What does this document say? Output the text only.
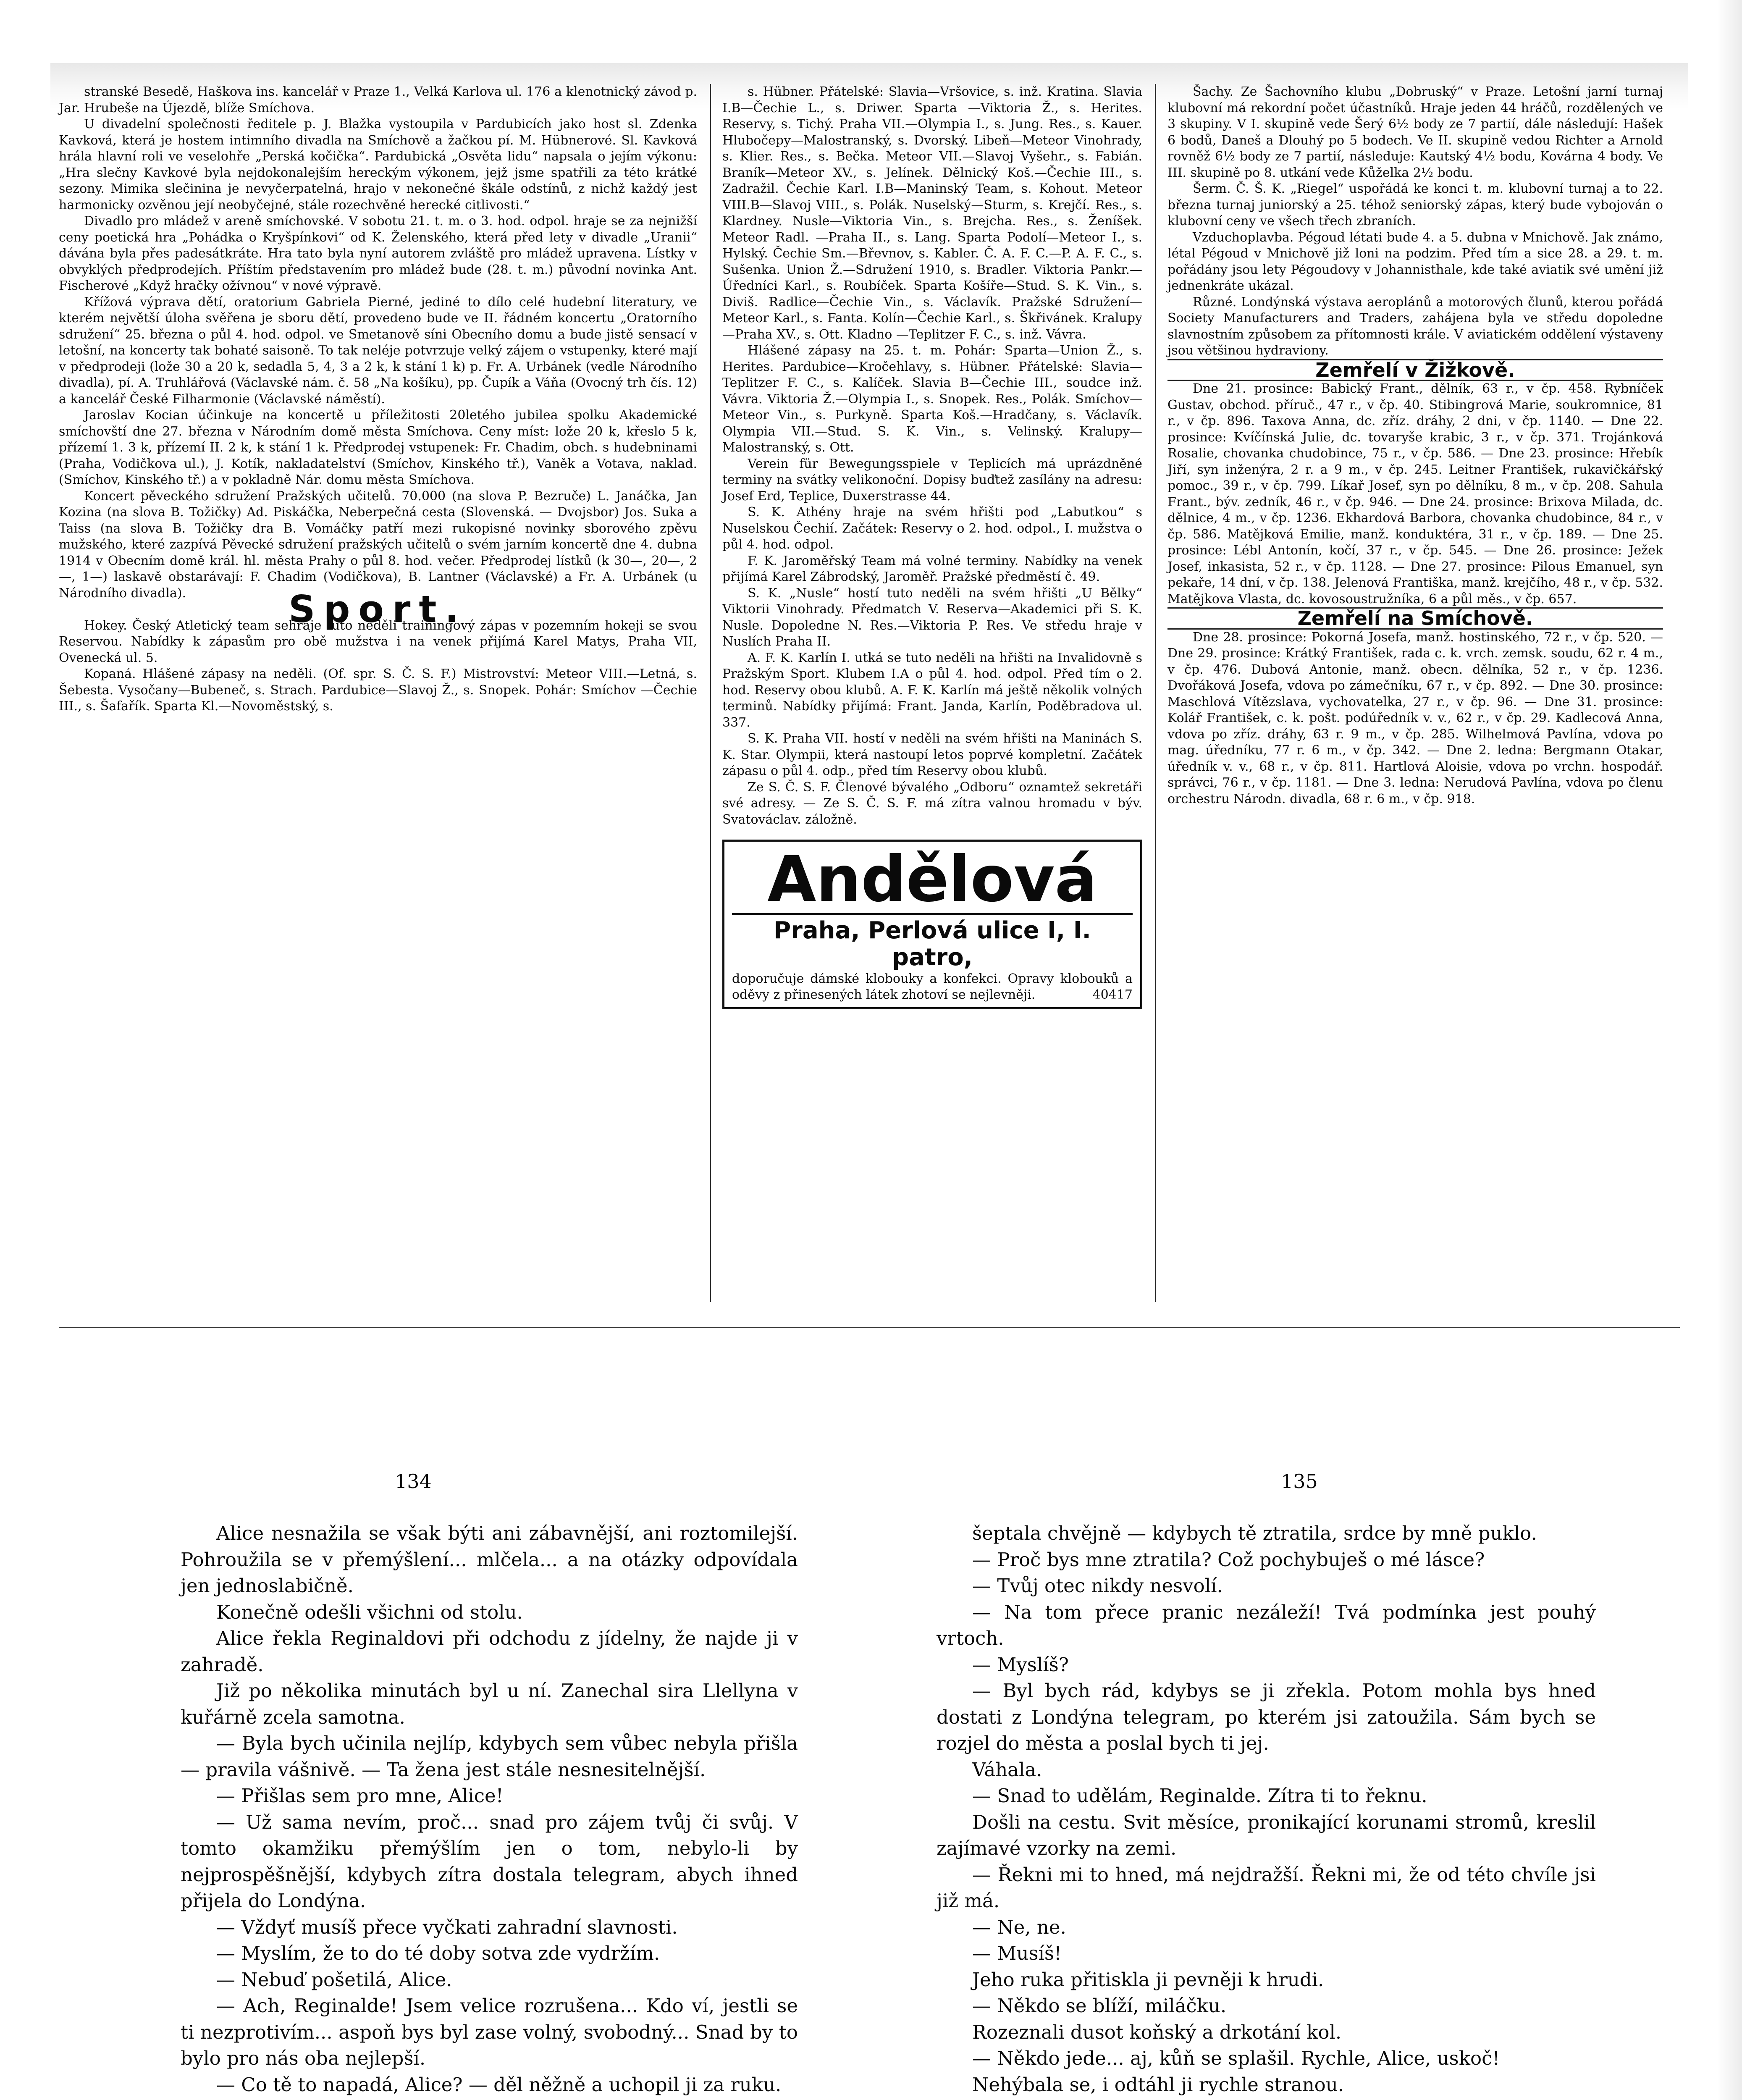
stranské Besedě, Haškova ins. kancelář v Praze 1., Velká Karlova ul. 176 a klenotnický závod p. Jar. Hrubeše na Újezdě, blíže Smíchova.

U divadelní společnosti ředitele p. J. Blažka vystoupila v Pardubicích jako host sl. Zdenka Kavková, která je hostem intimního divadla na Smíchově a žačkou pí. M. Hübnerové. Sl. Kavková hrála hlavní roli ve veselohře „Perská kočička“. Pardubická „Osvěta lidu“ napsala o jejím výkonu: „Hra slečny Kavkové byla nejdokonalejším hereckým výkonem, jejž jsme spatřili za této krátké sezony. Mimika slečinina je nevyčerpatelná, hrajo v nekonečné škále odstínů, z nichž každý jest harmonicky ozvěnou její neobyčejné, stále rozechvěné herecké citlivosti.“

Divadlo pro mládež v areně smíchovské. V sobotu 21. t. m. o 3. hod. odpol. hraje se za nejnižší ceny poetická hra „Pohádka o Kryšpínkovi“ od K. Želenského, která před lety v divadle „Uranii“ dávána byla přes padesátkráte. Hra tato byla nyní autorem zvláště pro mládež upravena. Lístky v obvyklých předprodejích. Příštím představením pro mládež bude (28. t. m.) původní novinka Ant. Fischerové „Když hračky ožívnou“ v nové výpravě.

Křížová výprava dětí, oratorium Gabriela Pierné, jediné to dílo celé hudební literatury, ve kterém největší úloha svěřena je sboru dětí, provedeno bude ve II. řádném koncertu „Oratorního sdružení“ 25. března o půl 4. hod. odpol. ve Smetanově síni Obecního domu a bude jistě sensací v letošní, na koncerty tak bohaté saisoně. To tak neléje potvrzuje velký zájem o vstupenky, které mají v předprodeji (lože 30 a 20 k, sedadla 5, 4, 3 a 2 k, k stání 1 k) p. Fr. A. Urbánek (vedle Národního divadla), pí. A. Truhlářová (Václavské nám. č. 58 „Na košíku), pp. Čupík a Váňa (Ovocný trh čís. 12) a kancelář České Filharmonie (Václavské náměstí).

Jaroslav Kocian účinkuje na koncertě u příležitosti 20letého jubilea spolku Akademické smíchovští dne 27. března v Národním domě města Smíchova. Ceny míst: lože 20 k, křeslo 5 k, přízemí 1. 3 k, přízemí II. 2 k, k stání 1 k. Předprodej vstupenek: Fr. Chadim, obch. s hudebninami (Praha, Vodičkova ul.), J. Kotík, nakladatelství (Smíchov, Kinského tř.), Vaněk a Votava, naklad. (Smíchov, Kinského tř.) a v pokladně Nár. domu města Smíchova.

Koncert pěveckého sdružení Pražských učitelů. 70.000 (na slova P. Bezruče) L. Janáčka, Jan Kozina (na slova B. Tožičky) Ad. Piskáčka, Neberpečná cesta (Slovenská. — Dvojsbor) Jos. Suka a Taiss (na slova B. Tožičky dra B. Vomáčky patří mezi rukopisné novinky sborového zpěvu mužského, které zazpívá Pěvecké sdružení pražských učitelů o svém jarním koncertě dne 4. dubna 1914 v Obecním domě král. hl. města Prahy o půl 8. hod. večer. Předprodej lístků (k 30—, 20—, 2—, 1—) laskavě obstarávají: F. Chadim (Vodičkova), B. Lantner (Václavské) a Fr. A. Urbánek (u Národního divadla).	Sport.

Hokey. Český Atletický team sehraje tuto neděli trainingový zápas v pozemním hokeji se svou Reservou. Nabídky k zápasům pro obě mužstva i na venek přijímá Karel Matys, Praha VII, Ovenecká ul. 5.

Kopaná. Hlášené zápasy na neděli. (Of. spr. S. Č. S. F.) Mistrovství: Meteor VIII.—Letná, s. Šebesta. Vysočany—Bubeneč, s. Strach. Pardubice—Slavoj Ž., s. Snopek. Pohár: Smíchov —Čechie III., s. Šafařík. Sparta Kl.—Novoměstský, s.

s. Hübner. Přátelské: Slavia—Vršovice, s. inž. Kratina. Slavia I.B—Čechie L., s. Driwer. Sparta —Viktoria Ž., s. Herites. Reservy, s. Tichý. Praha VII.—Olympia I., s. Jung. Res., s. Kauer. Hlubočepy—Malostranský, s. Dvorský. Libeň—Meteor Vinohrady, s. Klier. Res., s. Bečka. Meteor VII.—Slavoj Vyšehr., s. Fabián. Braník—Meteor XV., s. Jelínek. Dělnický Koš.—Čechie III., s. Zadražil. Čechie Karl. I.B—Maninský Team, s. Kohout. Meteor VIII.B—Slavoj VIII., s. Polák. Nuselský—Sturm, s. Krejčí. Res., s. Klardney. Nusle—Viktoria Vin., s. Brejcha. Res., s. Ženíšek. Meteor Radl. —Praha II., s. Lang. Sparta Podolí—Meteor I., s. Hylský. Čechie Sm.—Břevnov, s. Kabler. Č. A. F. C.—P. A. F. C., s. Sušenka. Union Ž.—Sdružení 1910, s. Bradler. Viktoria Pankr.—Úředníci Karl., s. Roubíček. Sparta Košíře—Stud. S. K. Vin., s. Diviš. Radlice—Čechie Vin., s. Václavík. Pražské Sdružení—Meteor Karl., s. Fanta. Kolín—Čechie Karl., s. Škřivánek. Kralupy—Praha XV., s. Ott. Kladno —Teplitzer F. C., s. inž. Vávra.

Hlášené zápasy na 25. t. m. Pohár: Sparta—Union Ž., s. Herites. Pardubice—Kročehlavy, s. Hübner. Přátelské: Slavia—Teplitzer F. C., s. Kalíček. Slavia B—Čechie III., soudce inž. Vávra. Viktoria Ž.—Olympia I., s. Snopek. Res., Polák. Smíchov—Meteor Vin., s. Purkyně. Sparta Koš.—Hradčany, s. Václavík. Olympia VII.—Stud. S. K. Vin., s. Velinský. Kralupy—Malostranský, s. Ott.

Verein für Bewegungsspiele v Teplicích má uprázdněné terminy na svátky velikonoční. Dopisy buďtež zasílány na adresu: Josef Erd, Teplice, Duxerstrasse 44.

S. K. Athény hraje na svém hřišti pod „Labutkou“ s Nuselskou Čechií. Začátek: Reservy o 2. hod. odpol., I. mužstva o půl 4. hod. odpol.

F. K. Jaroměřský Team má volné terminy. Nabídky na venek přijímá Karel Zábrodský, Jaroměř. Pražské předměstí č. 49.

S. K. „Nusle“ hostí tuto neděli na svém hřišti „U Bělky“ Viktorii Vinohrady. Předmatch V. Reserva—Akademici při S. K. Nusle. Dopoledne N. Res.—Viktoria P. Res. Ve středu hraje v Nuslích Praha II.

A. F. K. Karlín I. utká se tuto neděli na hřišti na Invalidovně s Pražským Sport. Klubem I.A o půl 4. hod. odpol. Před tím o 2. hod. Reservy obou klubů. A. F. K. Karlín má ještě několik volných terminů. Nabídky přijímá: Frant. Janda, Karlín, Poděbradova ul. 337.

S. K. Praha VII. hostí v neděli na svém hřišti na Maninách S. K. Star. Olympii, která nastoupí letos poprvé kompletní. Začátek zápasu o půl 4. odp., před tím Reservy obou klubů.

Ze S. Č. S. F. Členové bývalého „Odboru“ oznamtež sekretáři své adresy. — Ze S. Č. S. F. má zítra valnou hromadu v býv. Svatováclav. záložně.

Andělová
Praha, Perlová ulice I, I. patro,
doporučuje dámské klobouky a konfekci. Opravy klobouků a oděvy z přinesených látek zhotoví se nejlevněji.	40417

Šachy. Ze Šachovního klubu „Dobruský“ v Praze. Letošní jarní turnaj klubovní má rekordní počet účastníků. Hraje jeden 44 hráčů, rozdělených ve 3 skupiny. V I. skupině vede Šerý 6½ body ze 7 partií, dále následují: Hašek 6 bodů, Daneš a Dlouhý po 5 bodech. Ve II. skupině vedou Richter a Arnold rovněž 6½ body ze 7 partií, následuje: Kautský 4½ bodu, Kovárna 4 body. Ve III. skupině po 8. utkání vede Kůželka 2½ bodu.

Šerm. Č. Š. K. „Riegel“ uspořádá ke konci t. m. klubovní turnaj a to 22. března turnaj juniorský a 25. téhož seniorský zápas, který bude vybojován o klubovní ceny ve všech třech zbraních.

Vzduchoplavba. Pégoud létati bude 4. a 5. dubna v Mnichově. Jak známo, létal Pégoud v Mnichově již loni na podzim. Před tím a sice 28. a 29. t. m. pořádány jsou lety Pégoudovy v Johannisthale, kde také aviatik své umění již jednenkráte ukázal.

Různé. Londýnská výstava aeroplánů a motorových člunů, kterou pořádá Society Manufacturers and Traders, zahájena byla ve středu dopoledne slavnostním způsobem za přítomnosti krále. V aviatickém oddělení výstaveny jsou většinou hydraviony.

Zemřelí v Žižkově.

Dne 21. prosince: Babický Frant., dělník, 63 r., v čp. 458. Rybníček Gustav, obchod. příruč., 47 r., v čp. 40. Stibingrová Marie, soukromnice, 81 r., v čp. 896. Taxova Anna, dc. zříz. dráhy, 2 dni, v čp. 1140. — Dne 22. prosince: Kvíčínská Julie, dc. tovaryše krabic, 3 r., v čp. 371. Trojánková Rosalie, chovanka chudobince, 75 r., v čp. 586. — Dne 23. prosince: Hřebík Jiří, syn inženýra, 2 r. a 9 m., v čp. 245. Leitner František, rukavičkářský pomoc., 39 r., v čp. 799. Líkař Josef, syn po dělníku, 8 m., v čp. 208. Sahula Frant., býv. zedník, 46 r., v čp. 946. — Dne 24. prosince: Brixova Milada, dc. dělnice, 4 m., v čp. 1236. Ekhardová Barbora, chovanka chudobince, 84 r., v čp. 586. Matějková Emilie, manž. konduktéra, 31 r., v čp. 189. — Dne 25. prosince: Lébl Antonín, kočí, 37 r., v čp. 545. — Dne 26. prosince: Ježek Josef, inkasista, 52 r., v čp. 1128. — Dne 27. prosince: Pilous Emanuel, syn pekaře, 14 dní, v čp. 138. Jelenová Františka, manž. krejčího, 48 r., v čp. 532. Matějkova Vlasta, dc. kovosoustružníka, 6 a půl měs., v čp. 657.

Zemřelí na Smíchově.

Dne 28. prosince: Pokorná Josefa, manž. hostinského, 72 r., v čp. 520. — Dne 29. prosince: Krátký František, rada c. k. vrch. zemsk. soudu, 62 r. 4 m., v čp. 476. Dubová Antonie, manž. obecn. dělníka, 52 r., v čp. 1236. Dvořáková Josefa, vdova po zámečníku, 67 r., v čp. 892. — Dne 30. prosince: Maschlová Vítězslava, vychovatelka, 27 r., v čp. 96. — Dne 31. prosince: Kolář František, c. k. pošt. podúředník v. v., 62 r., v čp. 29. Kadlecová Anna, vdova po zříz. dráhy, 63 r. 9 m., v čp. 285. Wilhelmová Pavlína, vdova po mag. úředníku, 77 r. 6 m., v čp. 342. — Dne 2. ledna: Bergmann Otakar, úředník v. v., 68 r., v čp. 811. Hartlová Aloisie, vdova po vrchn. hospodář. správci, 76 r., v čp. 1181. — Dne 3. ledna: Nerudová Pavlína, vdova po členu orchestru Národn. divadla, 68 r. 6 m., v čp. 918.

134	135

Alice nesnažila se však býti ani zábavnější, ani roztomilejší. Pohroužila se v přemýšlení... mlčela... a na otázky odpovídala jen jednoslabičně.

Konečně odešli všichni od stolu.

Alice řekla Reginaldovi při odchodu z jídelny, že najde ji v zahradě.

Již po několika minutách byl u ní. Zanechal sira Llellyna v kuřárně zcela samotna.

— Byla bych učinila nejlíp, kdybych sem vůbec nebyla přišla — pravila vášnivě. — Ta žena jest stále nesnesitelnější.

— Přišlas sem pro mne, Alice!

— Už sama nevím, proč... snad pro zájem tvůj či svůj. V tomto okamžiku přemýšlím jen o tom, nebylo-li by nejprospěšnější, kdybych zítra dostala telegram, abych ihned přijela do Londýna.

— Vždyť musíš přece vyčkati zahradní slavnosti.

— Myslím, že to do té doby sotva zde vydržím.

— Nebuď pošetilá, Alice.

— Ach, Reginalde! Jsem velice rozrušena... Kdo ví, jestli se ti nezprotivím... aspoň bys byl zase volný, svobodný... Snad by to bylo pro nás oba nejlepší.

— Co tě to napadá, Alice? — děl něžně a uchopil ji za ruku.

šeptala chvějně — kdybych tě ztratila, srdce by mně puklo.

— Proč bys mne ztratila? Což pochybuješ o mé lásce?

— Tvůj otec nikdy nesvolí.

— Na tom přece pranic nezáleží! Tvá podmínka jest pouhý vrtoch.

— Myslíš?

— Byl bych rád, kdybys se ji zřekla. Potom mohla bys hned dostati z Londýna telegram, po kterém jsi zatoužila. Sám bych se rozjel do města a poslal bych ti jej.

Váhala.

— Snad to udělám, Reginalde. Zítra ti to řeknu.

Došli na cestu. Svit měsíce, pronikající korunami stromů, kreslil zajímavé vzorky na zemi.

— Řekni mi to hned, má nejdražší. Řekni mi, že od této chvíle jsi již má.

— Ne, ne.

— Musíš!

Jeho ruka přitiskla ji pevněji k hrudi.

— Někdo se blíží, miláčku.

Rozeznali dusot koňský a drkotání kol.

— Někdo jede... aj, kůň se splašil. Rychle, Alice, uskoč!

Nehýbala se, i odtáhl ji rychle stranou.
